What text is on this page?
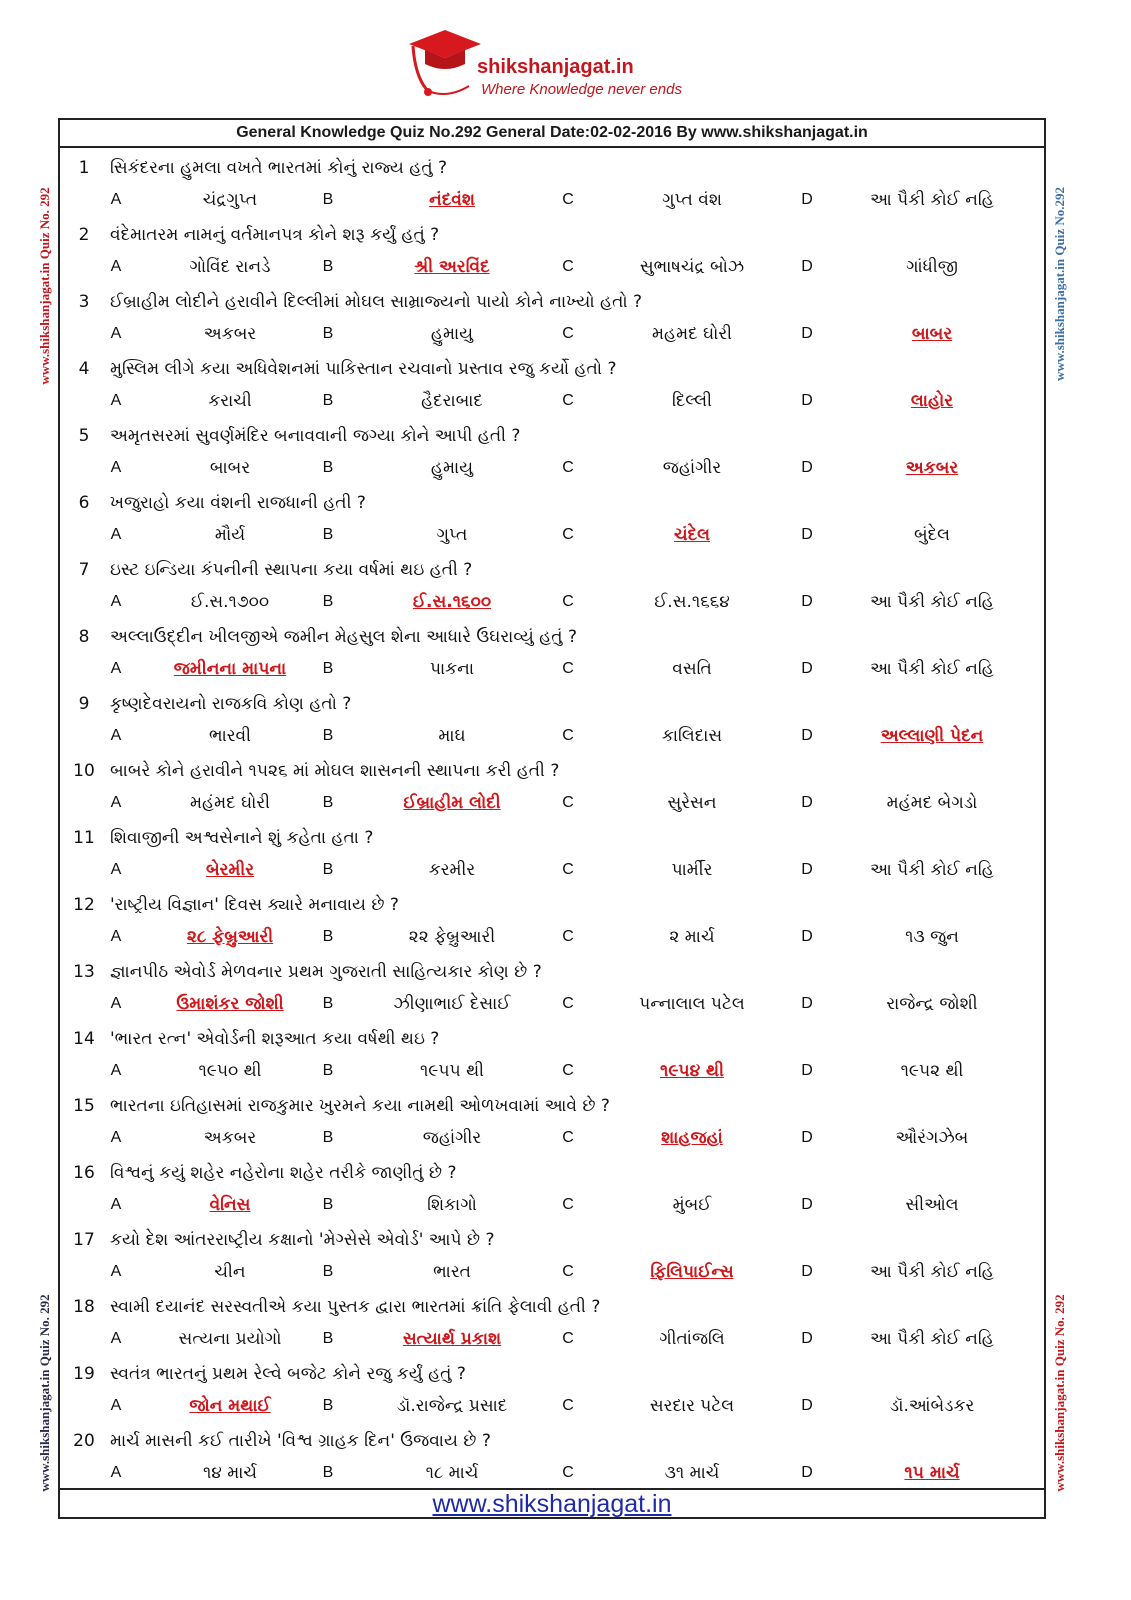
shikshanjagat.in
Where Knowledge never ends
www.shikshanjagat.in Quiz No. 292	www.shikshanjagat.in Quiz No.292
www.shikshanjagat.in Quiz No. 292	www.shikshanjagat.in Quiz No. 292
General Knowledge Quiz No.292 General Date:02-02-2016 By www.shikshanjagat.in
1	સિકંદરના હુમલા વખતે ભારતમાં કોનું રાજ્ય હતું ?
A	ચંદ્રગુપ્ત	B	નંદવંશ	C	ગુપ્ત વંશ	D	આ પૈકી કોઈ નહિ
2	વંદેમાતરમ નામનું વર્તમાનપત્ર કોને શરૂ કર્યું હતું ?
A	ગોવિંદ રાનડે	B	શ્રી અરવિંદ	C	સુભાષચંદ્ર બોઝ	D	ગાંધીજી
3	ઈબ્રાહીમ લોદીને હરાવીને દિલ્લીમાં મોઘલ સામ્રાજ્યનો પાયો કોને નાખ્યો હતો ?
A	અકબર	B	હુમાયુ	C	મહમદ ઘોરી	D	બાબર
4	મુસ્લિમ લીગે કયા અધિવેશનમાં પાકિસ્તાન રચવાનો પ્રસ્તાવ રજુ કર્યો હતો ?
A	કરાચી	B	હૈદરાબાદ	C	દિલ્લી	D	લાહોર
5	અમૃતસરમાં સુવર્ણમંદિર બનાવવાની જગ્યા કોને આપી હતી ?
A	બાબર	B	હુમાયુ	C	જહાંગીર	D	અકબર
6	ખજુરાહો કયા વંશની રાજધાની હતી ?
A	મૌર્ય	B	ગુપ્ત	C	ચંદેલ	D	બુંદેલ
7	ઇસ્ટ ઇન્ડિયા કંપનીની સ્થાપના કયા વર્ષમાં થઇ હતી ?
A	ઈ.સ.૧૭૦૦	B	ઈ.સ.૧૬૦૦	C	ઈ.સ.૧૬૬૪	D	આ પૈકી કોઈ નહિ
8	અલ્લાઉદ્દીન ખીલજીએ જમીન મેહસુલ શેના આધારે ઉઘરાવ્યું હતું ?
A	જમીનના માપના	B	પાકના	C	વસતિ	D	આ પૈકી કોઈ નહિ
9	કૃષ્ણદેવરાયનો રાજકવિ કોણ હતો ?
A	ભારવી	B	માઘ	C	કાલિદાસ	D	અલ્લાણી પેદન
10 બાબરે કોને હરાવીને ૧૫૨૬ માં મોઘલ શાસનની સ્થાપના કરી હતી ?
A	મહંમદ ઘોરી	B	ઈબ્રાહીમ લોદી	C	સુરેસન	D	મહંમદ બેગડો
11 શિવાજીની અશ્વસેનાને શું કહેતા હતા ?
A	બેરમીર	B	કરમીર	C	પાર્મીર	D	આ પૈકી કોઈ નહિ
12 'રાષ્ટ્રીય વિજ્ઞાન' દિવસ ક્યારે મનાવાય છે ?
A	૨૮ ફેબ્રુઆરી	B	૨૨ ફેબ્રુઆરી	C	૨ માર્ચ	D	૧૩ જુન
13 જ્ઞાનપીઠ એવોર્ડ મેળવનાર પ્રથમ ગુજરાતી સાહિત્યકાર કોણ છે ?
A	ઉમાશંકર જોશી	B	ઝીણાભાઈ દેસાઈ	C	પન્નાલાલ પટેલ	D	રાજેન્દ્ર જોશી
14 'ભારત રત્ન' એવોર્ડની શરૂઆત કયા વર્ષથી થઇ ?
A	૧૯૫૦ થી	B	૧૯૫૫ થી	C	૧૯૫૪ થી	D	૧૯૫૨ થી
15 ભારતના ઇતિહાસમાં રાજકુમાર ખુરમને કયા નામથી ઓળખવામાં આવે છે ?
A	અકબર	B	જહાંગીર	C	શાહજહાં	D	ઔરંગઝેબ
16 વિશ્વનું કયું શહેર નહેરોના શહેર તરીકે જાણીતું છે ?
A	વેનિસ	B	શિકાગો	C	મુંબઈ	D	સીઓલ
17 કયો દેશ આંતરરાષ્ટ્રીય કક્ષાનો 'મેગ્સેસે એવોર્ડ' આપે છે ?
A	ચીન	B	ભારત	C	ફિલિપાઈન્સ	D	આ પૈકી કોઈ નહિ
18 સ્વામી દયાનંદ સરસ્વતીએ કયા પુસ્તક દ્વારા ભારતમાં ક્રાંતિ ફેલાવી હતી ?
A	સત્યના પ્રયોગો	B	સત્યાર્થ પ્રકાશ	C	ગીતાંજલિ	D	આ પૈકી કોઈ નહિ
19 સ્વતંત્ર ભારતનું પ્રથમ રેલ્વે બજેટ કોને રજુ કર્યું હતું ?
A	જોન મથાઈ	B	ડૉ.રાજેન્દ્ર પ્રસાદ	C	સરદાર પટેલ	D	ડૉ.આંબેડકર
20 માર્ચ માસની કઈ તારીખે 'વિશ્વ ગ્રાહક દિન' ઉજવાય છે ?
A	૧૪ માર્ચ	B	૧૮ માર્ચ	C	૩૧ માર્ચ	D	૧૫ માર્ચ
www.shikshanjagat.in
